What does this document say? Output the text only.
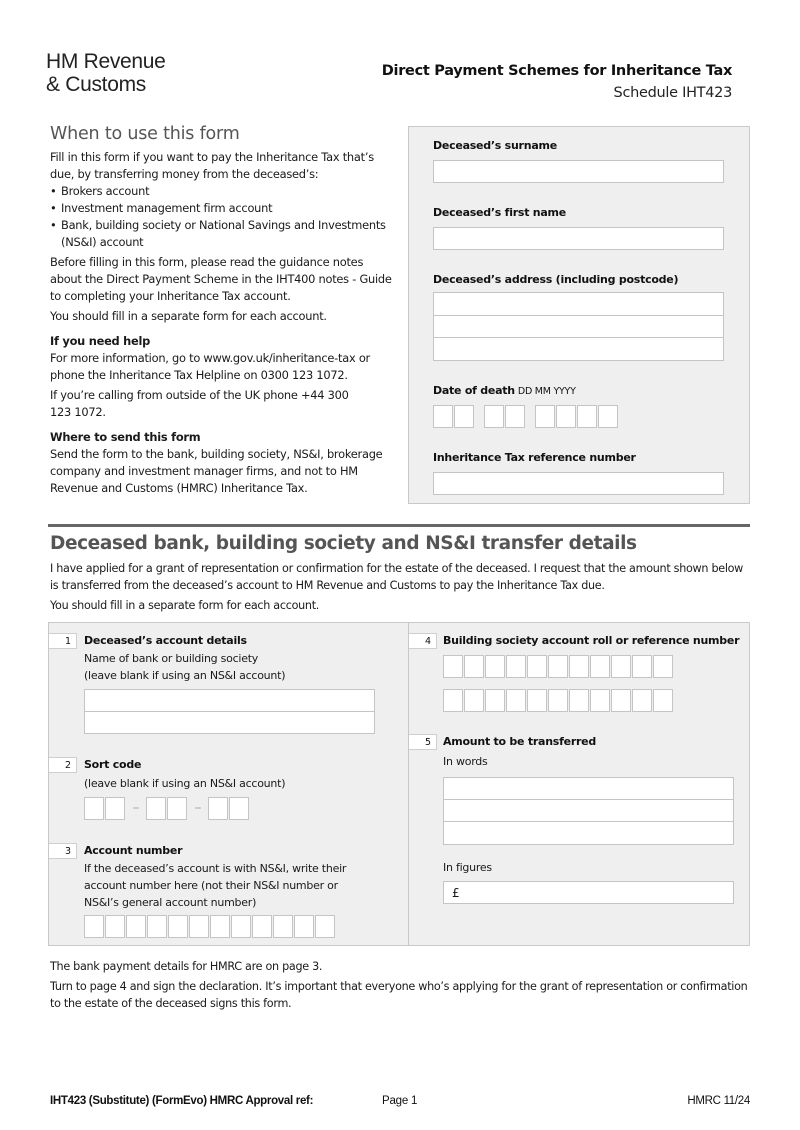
HM Revenue
& Customs
Direct Payment Schemes for Inheritance Tax
Schedule IHT423
When to use this form

Fill in this form if you want to pay the Inheritance Tax that’s due, by transferring money from the deceased’s:

• Brokers account
• Investment management firm account
• Bank, building society or National Savings and Investments (NS&I) account

Before filling in this form, please read the guidance notes about the Direct Payment Scheme in the IHT400 notes - Guide to completing your Inheritance Tax account.

You should fill in a separate form for each account.

If you need help

For more information, go to www.gov.uk/inheritance-tax or phone the Inheritance Tax Helpline on 0300 123 1072.

If you’re calling from outside of the UK phone +44 300 123 1072.

Where to send this form

Send the form to the bank, building society, NS&I, brokerage company and investment manager firms, and not to HM Revenue and Customs (HMRC) Inheritance Tax.

Deceased’s surname
Deceased’s first name
Deceased’s address (including postcode)
Date of death DD MM YYYY
Inheritance Tax reference number
Deceased bank, building society and NS&I transfer details

I have applied for a grant of representation or confirmation for the estate of the deceased. I request that the amount shown below is transferred from the deceased’s account to HM Revenue and Customs to pay the Inheritance Tax due.

You should fill in a separate form for each account.

1	Deceased’s account details
Name of bank or building society
(leave blank if using an NS&I account)
2	Sort code
(leave blank if using an NS&I account)
–	–
3	Account number
If the deceased’s account is with NS&I, write their
account number here (not their NS&I number or
NS&I’s general account number)
4	Building society account roll or reference number
5	Amount to be transferred
In words
In figures
£

The bank payment details for HMRC are on page 3.

Turn to page 4 and sign the declaration. It’s important that everyone who’s applying for the grant of representation or confirmation to the estate of the deceased signs this form.

IHT423 (Substitute) (FormEvo) HMRC Approval ref:	Page 1	HMRC 11/24
